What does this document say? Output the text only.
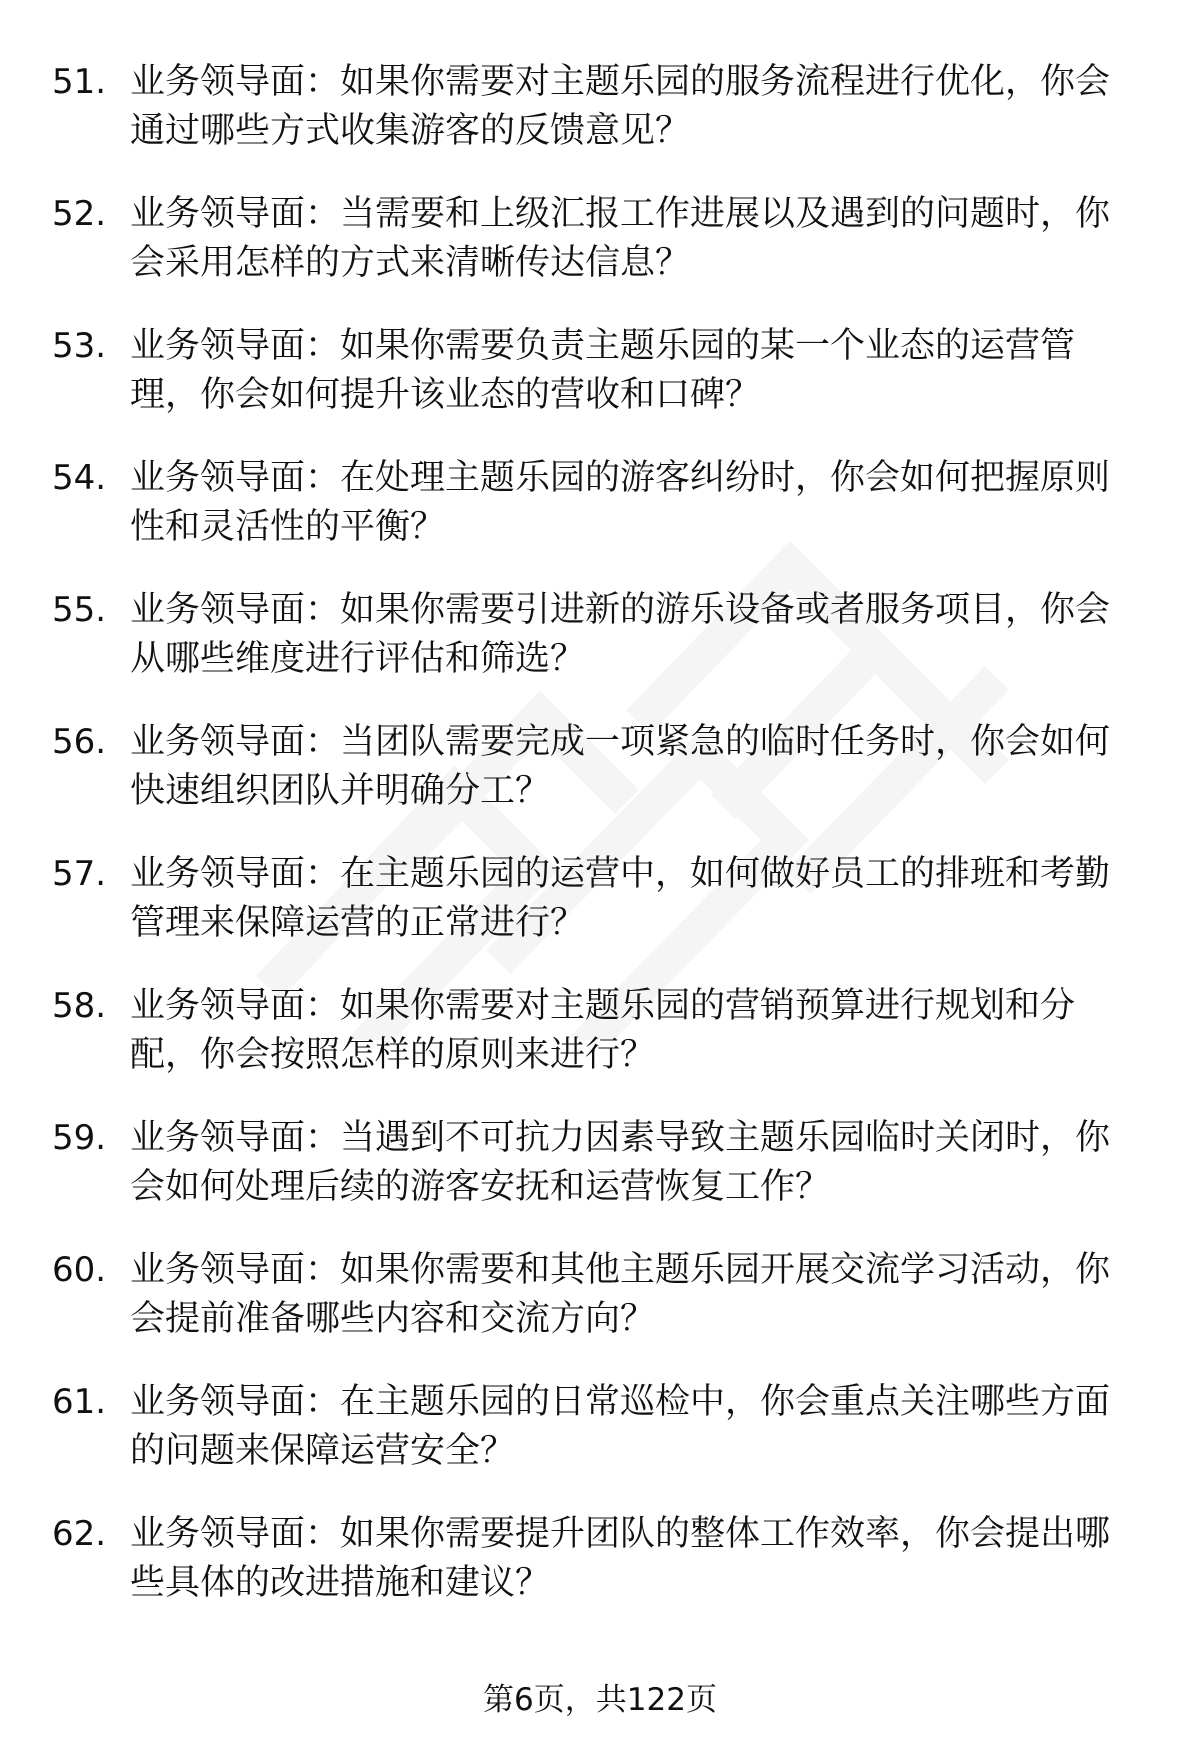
51. 业务领导面：如果你需要对主题乐园的服务流程进行优化，你会通过哪些方式收集游客的反馈意见？
52. 业务领导面：当需要和上级汇报工作进展以及遇到的问题时，你会采用怎样的方式来清晰传达信息？
53. 业务领导面：如果你需要负责主题乐园的某一个业态的运营管理，你会如何提升该业态的营收和口碑？
54. 业务领导面：在处理主题乐园的游客纠纷时，你会如何把握原则性和灵活性的平衡？
55. 业务领导面：如果你需要引进新的游乐设备或者服务项目，你会从哪些维度进行评估和筛选？
56. 业务领导面：当团队需要完成一项紧急的临时任务时，你会如何快速组织团队并明确分工？
57. 业务领导面：在主题乐园的运营中，如何做好员工的排班和考勤管理来保障运营的正常进行？
58. 业务领导面：如果你需要对主题乐园的营销预算进行规划和分配，你会按照怎样的原则来进行？
59. 业务领导面：当遇到不可抗力因素导致主题乐园临时关闭时，你会如何处理后续的游客安抚和运营恢复工作？
60. 业务领导面：如果你需要和其他主题乐园开展交流学习活动，你会提前准备哪些内容和交流方向？
61. 业务领导面：在主题乐园的日常巡检中，你会重点关注哪些方面的问题来保障运营安全？
62. 业务领导面：如果你需要提升团队的整体工作效率，你会提出哪些具体的改进措施和建议？
第6页，共122页
